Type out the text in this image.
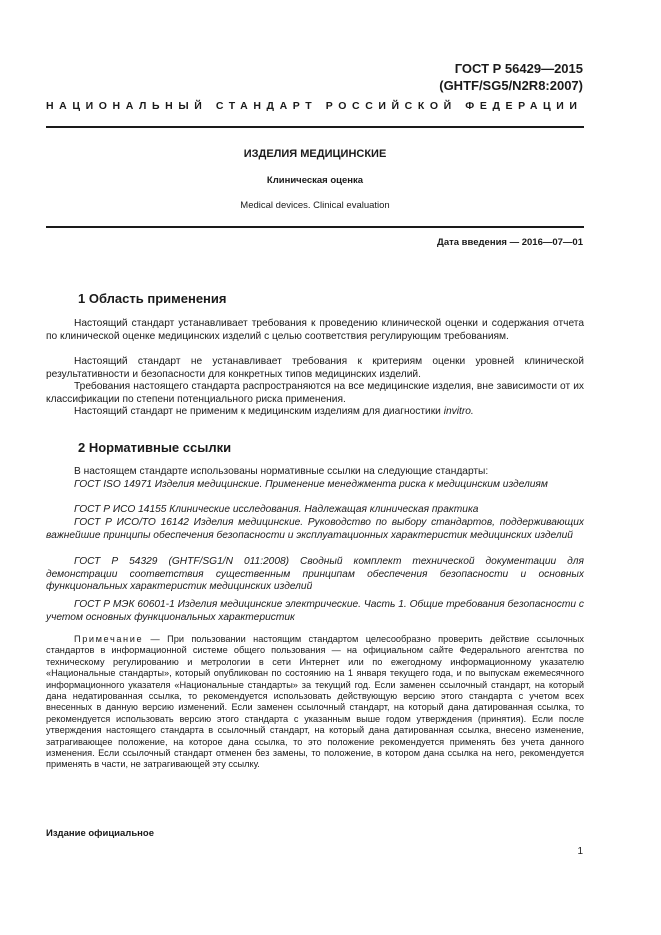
ГОСТ Р 56429—2015
(GHTF/SG5/N2R8:2007)
НАЦИОНАЛЬНЫЙ СТАНДАРТ РОССИЙСКОЙ ФЕДЕРАЦИИ
ИЗДЕЛИЯ МЕДИЦИНСКИЕ
Клиническая оценка
Medical devices. Clinical evaluation
Дата введения — 2016—07—01
1 Область применения

Настоящий стандарт устанавливает требования к проведению клинической оценки и содержания отчета по клинической оценке медицинских изделий с целью соответствия регулирующим требованиям.

Настоящий стандарт не устанавливает требования к критериям оценки уровней клинической результативности и безопасности для конкретных типов медицинских изделий.

Требования настоящего стандарта распространяются на все медицинские изделия, вне зависимости от их классификации по степени потенциального риска применения.

Настоящий стандарт не применим к медицинским изделиям для диагностики invitro.

2 Нормативные ссылки

В настоящем стандарте использованы нормативные ссылки на следующие стандарты:

ГОСТ ISO 14971 Изделия медицинские. Применение менеджмента риска к медицинским изделиям

ГОСТ Р ИСО 14155 Клинические исследования. Надлежащая клиническая практика

ГОСТ Р ИСО/ТО 16142 Изделия медицинские. Руководство по выбору стандартов, поддерживающих важнейшие принципы обеспечения безопасности и эксплуатационных характеристик медицинских изделий

ГОСТ Р 54329 (GHTF/SG1/N 011:2008) Сводный комплект технической документации для демонстрации соответствия существенным принципам обеспечения безопасности и основных функциональных характеристик медицинских изделий

ГОСТ Р МЭК 60601-1 Изделия медицинские электрические. Часть 1. Общие требования безопасности с учетом основных функциональных характеристик

Примечание — При пользовании настоящим стандартом целесообразно проверить действие ссылочных стандартов в информационной системе общего пользования — на официальном сайте Федерального агентства по техническому регулированию и метрологии в сети Интернет или по ежегодному информационному указателю «Национальные стандарты», который опубликован по состоянию на 1 января текущего года, и по выпускам ежемесячного информационного указателя «Национальные стандарты» за текущий год. Если заменен ссылочный стандарт, на который дана недатированная ссылка, то рекомендуется использовать действующую версию этого стандарта с учетом всех внесенных в данную версию изменений. Если заменен ссылочный стандарт, на который дана датированная ссылка, то рекомендуется использовать версию этого стандарта с указанным выше годом утверждения (принятия). Если после утверждения настоящего стандарта в ссылочный стандарт, на который дана датированная ссылка, внесено изменение, затрагивающее положение, на которое дана ссылка, то это положение рекомендуется применять без учета данного изменения. Если ссылочный стандарт отменен без замены, то положение, в котором дана ссылка на него, рекомендуется применять в части, не затрагивающей эту ссылку.

Издание официальное
1
